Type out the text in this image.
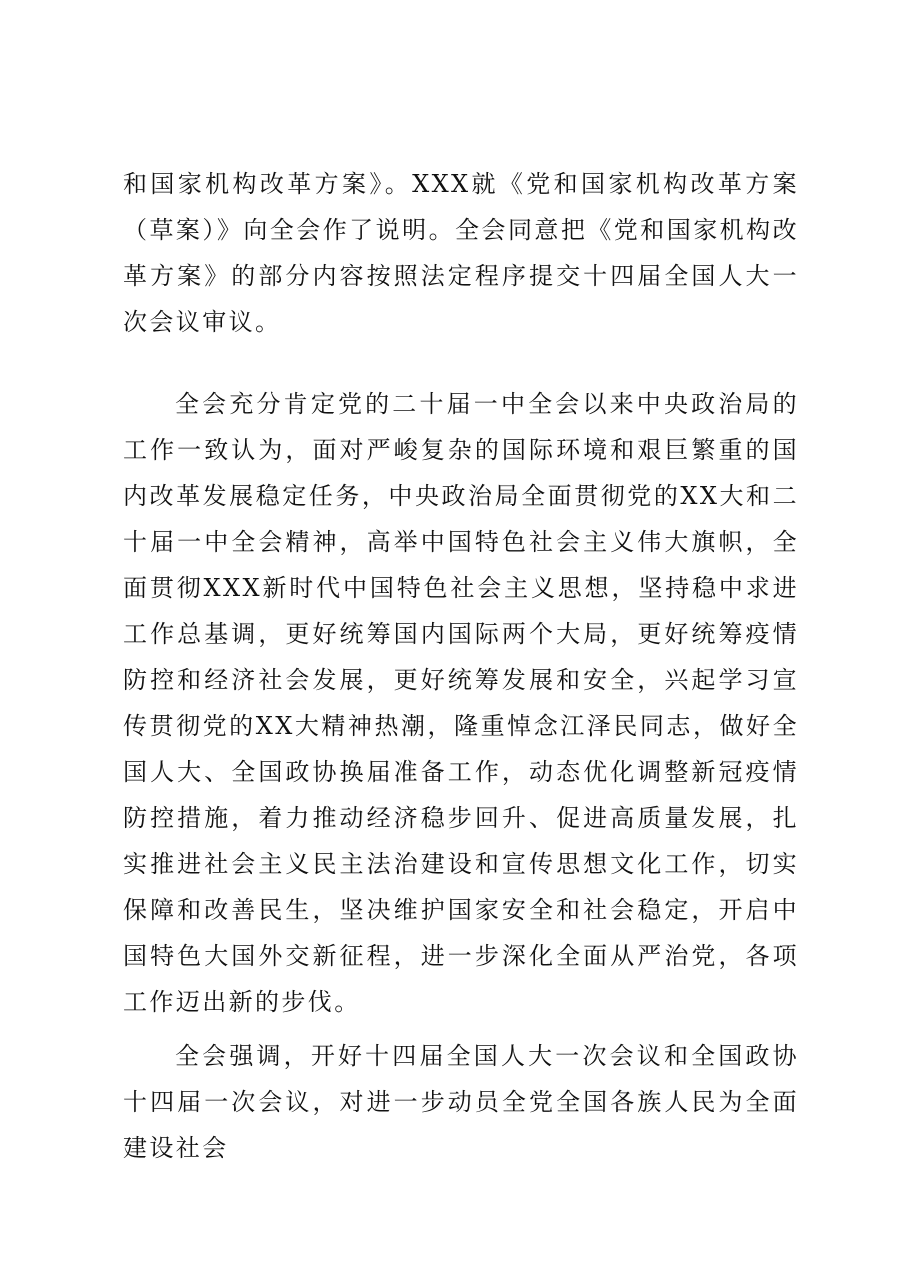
和国家机构改革方案》。XXX就《党和国家机构改革方案（草案）》向全会作了说明。全会同意把《党和国家机构改革方案》的部分内容按照法定程序提交十四届全国人大一次会议审议。

全会充分肯定党的二十届一中全会以来中央政治局的工作一致认为，面对严峻复杂的国际环境和艰巨繁重的国内改革发展稳定任务，中央政治局全面贯彻党的XX大和二十届一中全会精神，高举中国特色社会主义伟大旗帜，全面贯彻XXX新时代中国特色社会主义思想，坚持稳中求进工作总基调，更好统筹国内国际两个大局，更好统筹疫情防控和经济社会发展，更好统筹发展和安全，兴起学习宣传贯彻党的XX大精神热潮，隆重悼念江泽民同志，做好全国人大、全国政协换届准备工作，动态优化调整新冠疫情防控措施，着力推动经济稳步回升、促进高质量发展，扎实推进社会主义民主法治建设和宣传思想文化工作，切实保障和改善民生，坚决维护国家安全和社会稳定，开启中国特色大国外交新征程，进一步深化全面从严治党，各项工作迈出新的步伐。

全会强调，开好十四届全国人大一次会议和全国政协十四届一次会议，对进一步动员全党全国各族人民为全面建设社会
